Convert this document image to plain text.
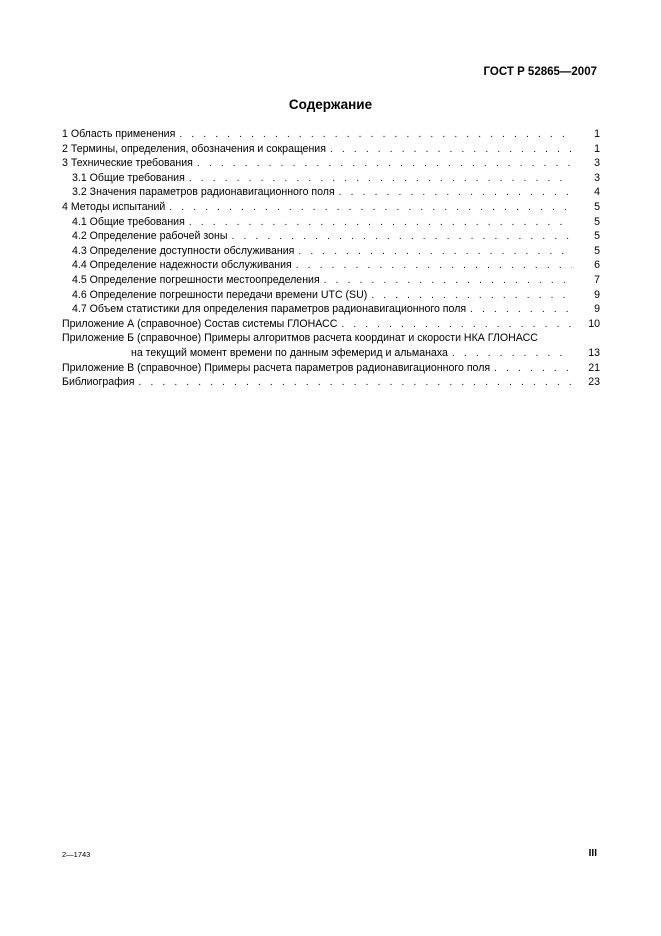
ГОСТ Р 52865—2007
Содержание
1 Область применения . . .	1
2 Термины, определения, обозначения и сокращения . . .	1
3 Технические требования . . .	3
3.1 Общие требования . . .	3
3.2 Значения параметров радионавигационного поля . . .	4
4 Методы испытаний . . .	5
4.1 Общие требования . . .	5
4.2 Определение рабочей зоны . . .	5
4.3 Определение доступности обслуживания . . .	5
4.4 Определение надежности обслуживания . . .	6
4.5 Определение погрешности местоопределения . . .	7
4.6 Определение погрешности передачи времени UTC (SU) . . .	9
4.7 Объем статистики для определения параметров радионавигационного поля . . .	9
Приложение А (справочное) Состав системы ГЛОНАСС . . .	10
Приложение Б (справочное) Примеры алгоритмов расчета координат и скорости НКА ГЛОНАСС
на текущий момент времени по данным эфемерид и альманаха . . .	13
Приложение В (справочное) Примеры расчета параметров радионавигационного поля . . .	21
Библиография . . .	23
2—1743	III
